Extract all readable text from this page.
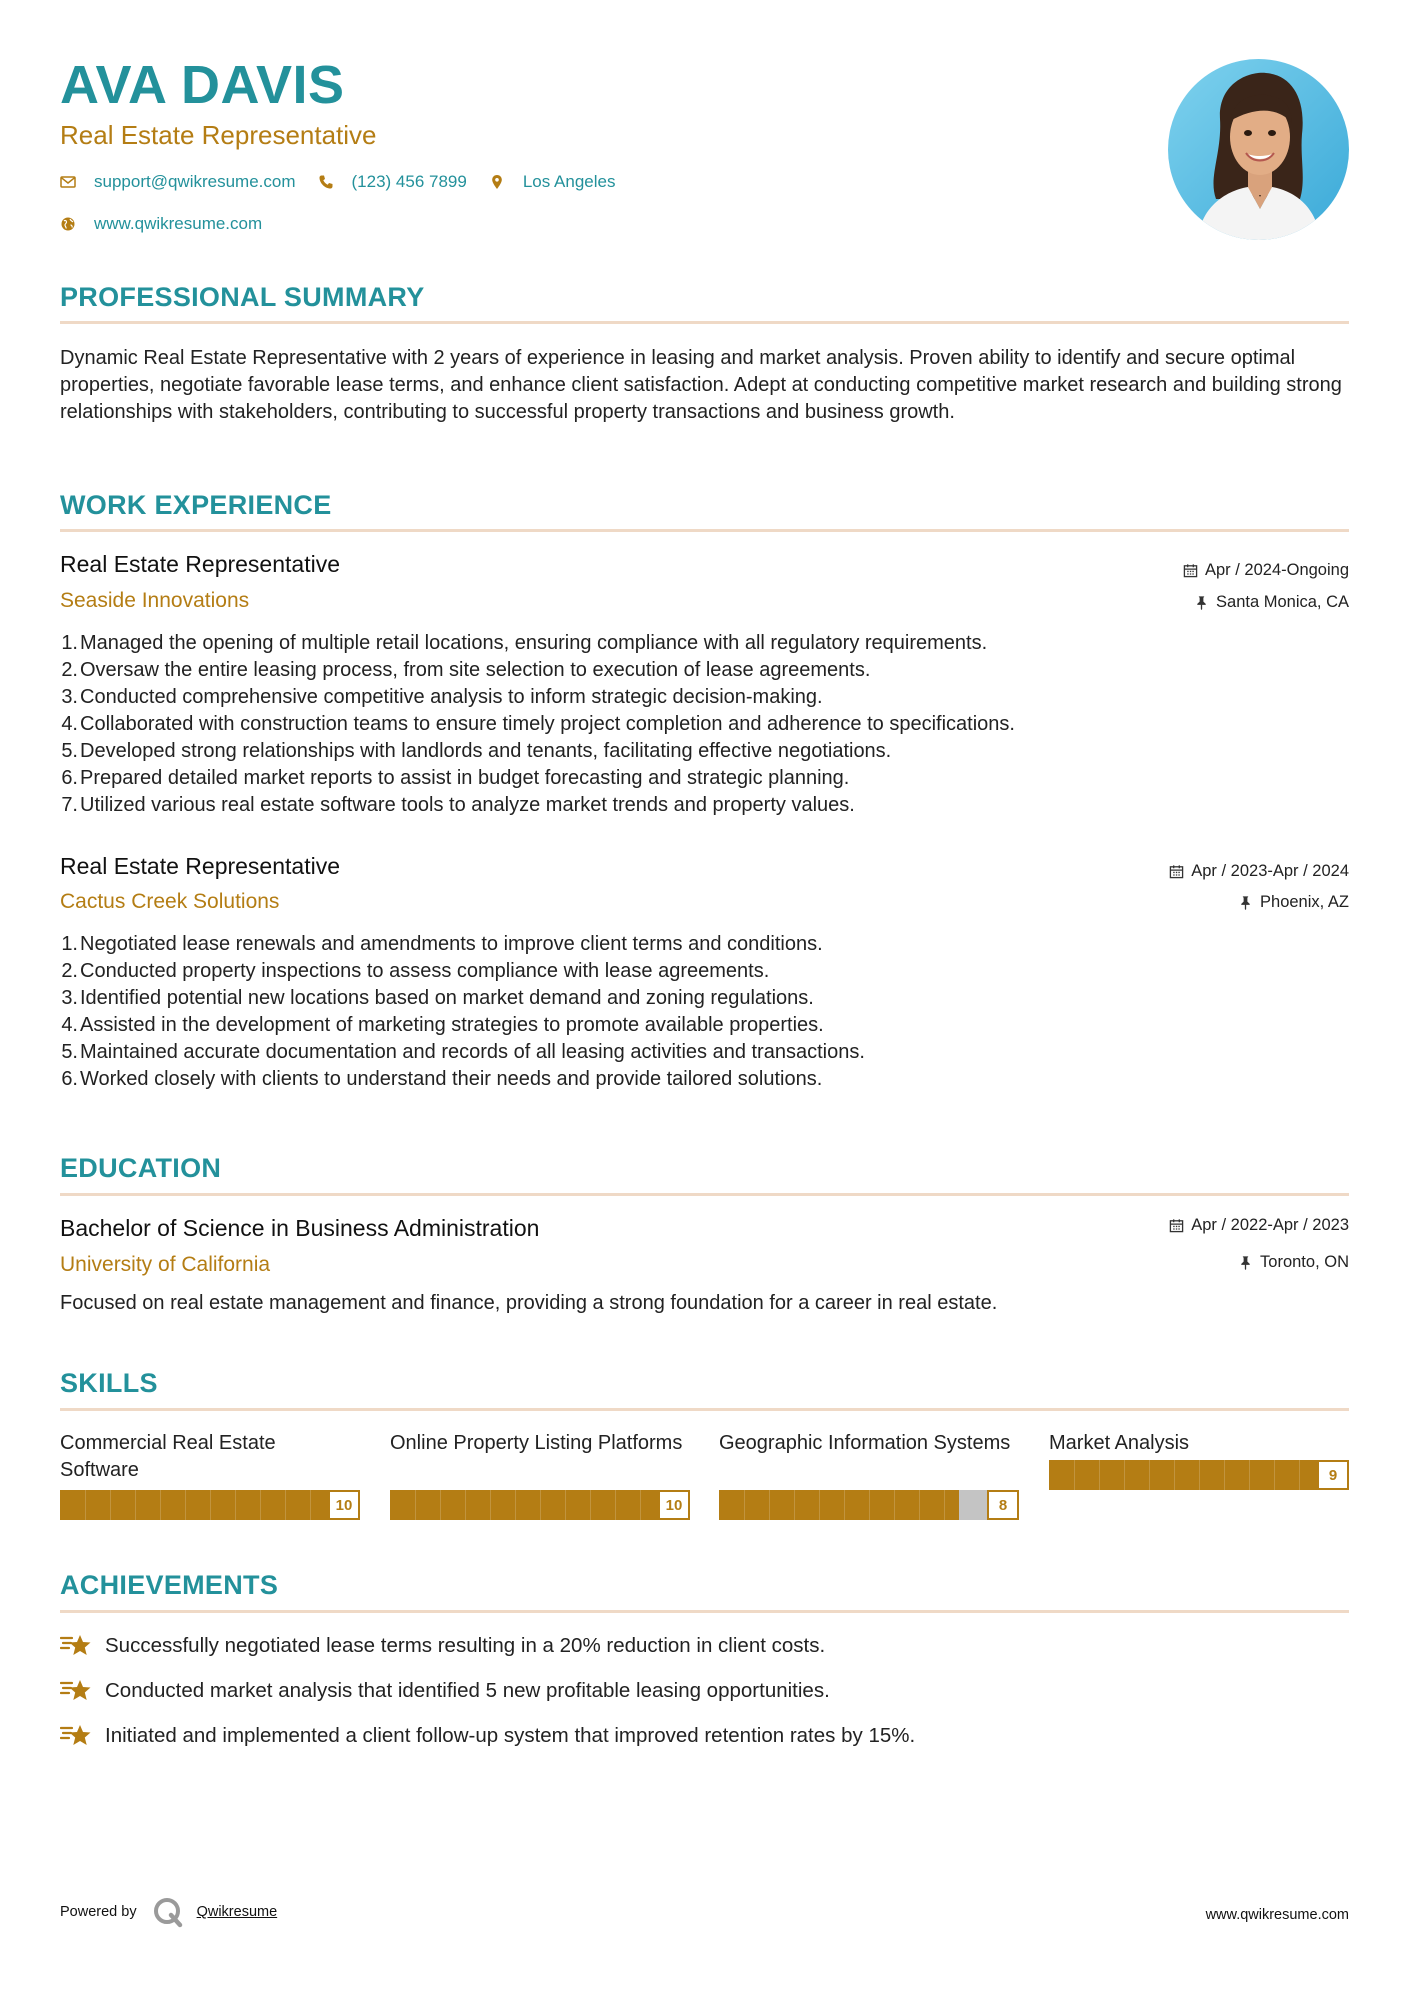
AVA DAVIS
Real Estate Representative
support@qwikresume.com	(123) 456 7899	Los Angeles
www.qwikresume.com
PROFESSIONAL SUMMARY
Dynamic Real Estate Representative with 2 years of experience in leasing and market analysis. Proven ability to identify and secure optimal properties, negotiate favorable lease terms, and enhance client satisfaction. Adept at conducting competitive market research and building strong relationships with stakeholders, contributing to successful property transactions and business growth.
WORK EXPERIENCE
Real Estate Representative
Seaside Innovations
Apr / 2024-Ongoing
Santa Monica, CA
1. Managed the opening of multiple retail locations, ensuring compliance with all regulatory requirements.
2. Oversaw the entire leasing process, from site selection to execution of lease agreements.
3. Conducted comprehensive competitive analysis to inform strategic decision-making.
4. Collaborated with construction teams to ensure timely project completion and adherence to specifications.
5. Developed strong relationships with landlords and tenants, facilitating effective negotiations.
6. Prepared detailed market reports to assist in budget forecasting and strategic planning.
7. Utilized various real estate software tools to analyze market trends and property values.
Real Estate Representative
Cactus Creek Solutions
Apr / 2023-Apr / 2024
Phoenix, AZ
1. Negotiated lease renewals and amendments to improve client terms and conditions.
2. Conducted property inspections to assess compliance with lease agreements.
3. Identified potential new locations based on market demand and zoning regulations.
4. Assisted in the development of marketing strategies to promote available properties.
5. Maintained accurate documentation and records of all leasing activities and transactions.
6. Worked closely with clients to understand their needs and provide tailored solutions.
EDUCATION
Bachelor of Science in Business Administration
University of California
Apr / 2022-Apr / 2023
Toronto, ON
Focused on real estate management and finance, providing a strong foundation for a career in real estate.
SKILLS
Commercial Real Estate Software
10
Online Property Listing Platforms
10
Geographic Information Systems
8
Market Analysis
9
ACHIEVEMENTS
Successfully negotiated lease terms resulting in a 20% reduction in client costs.
Conducted market analysis that identified 5 new profitable leasing opportunities.
Initiated and implemented a client follow-up system that improved retention rates by 15%.
Powered by	Qwikresume	www.qwikresume.com
